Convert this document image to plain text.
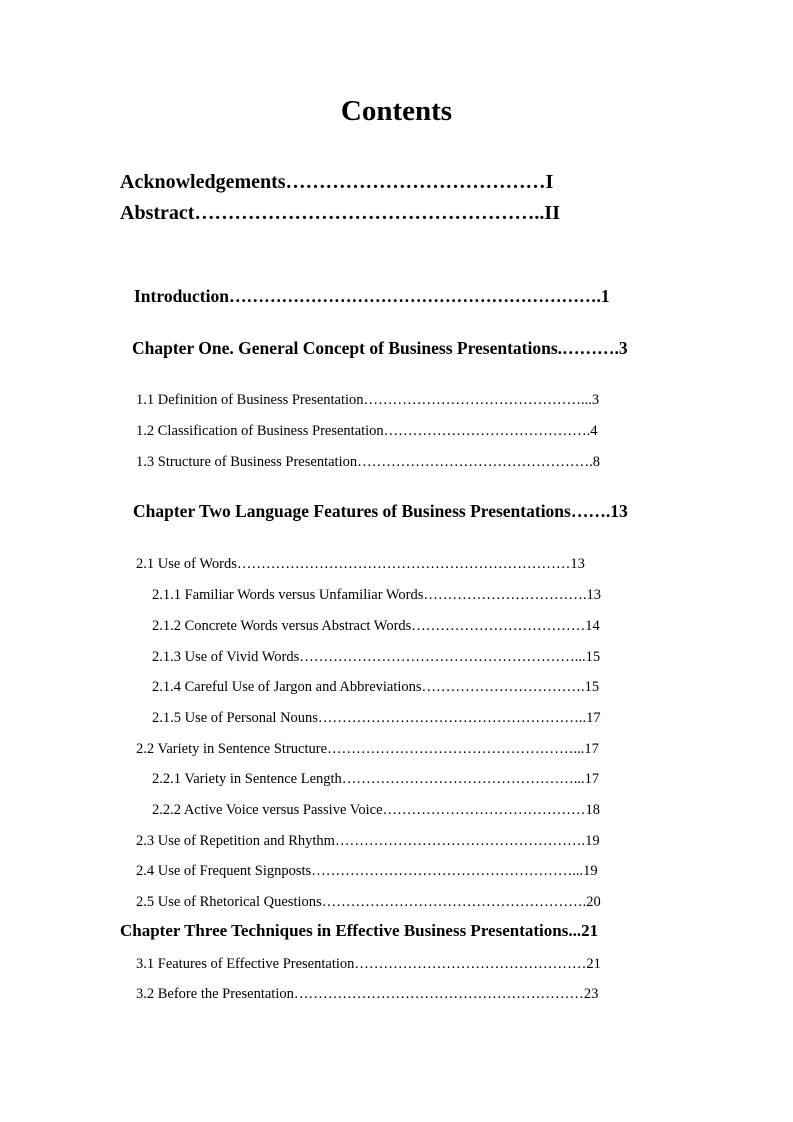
Contents

Acknowledgements…………………………………I

Abstract……………………………………………..II

Introduction……………………………………………………….1

Chapter One. General Concept of Business Presentations.……….3

1.1 Definition of Business Presentation………………………………………...3

1.2 Classification of Business Presentation…………………………………….4

1.3 Structure of Business Presentation………………………………………….8

Chapter Two Language Features of Business Presentations…….13

2.1 Use of Words……………………………………………………………13

2.1.1 Familiar Words versus Unfamiliar Words…………………………….13

2.1.2 Concrete Words versus Abstract Words………………………………14

2.1.3 Use of Vivid Words…………………………………………………...15

2.1.4 Careful Use of Jargon and Abbreviations…………………………….15

2.1.5 Use of Personal Nouns………………………………………………..17

2.2 Variety in Sentence Structure……………………………………………...17

2.2.1 Variety in Sentence Length…………………………………………...17

2.2.2 Active Voice versus Passive Voice……………………………………18

2.3 Use of Repetition and Rhythm…………………………………………….19

2.4 Use of Frequent Signposts………………………………………………...19

2.5 Use of Rhetorical Questions……………………………………………….20

Chapter Three Techniques in Effective Business Presentations...21

3.1 Features of Effective Presentation…………………………………………21

3.2 Before the Presentation……………………………………………………23
